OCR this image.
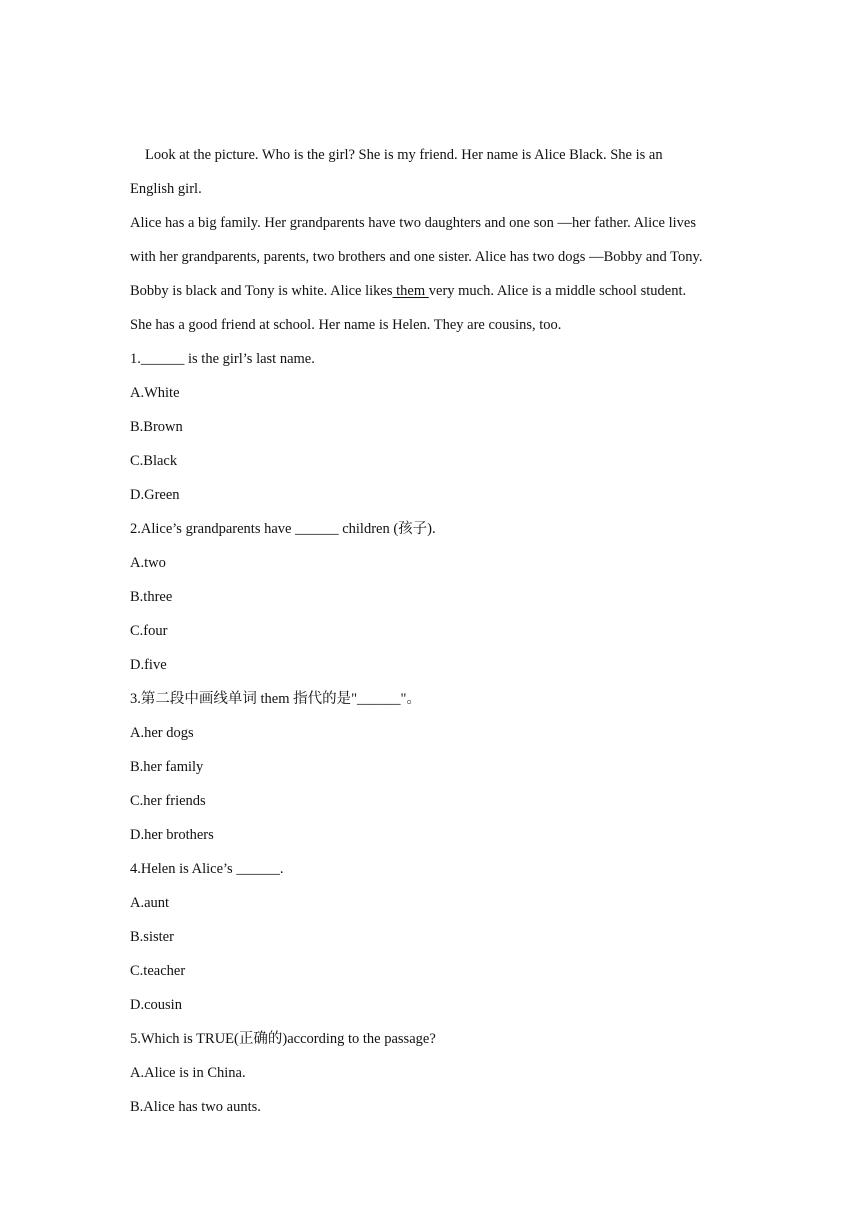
Look at the picture. Who is the girl? She is my friend. Her name is Alice Black. She is an
English girl.
Alice has a big family. Her grandparents have two daughters and one son —her father. Alice lives
with her grandparents, parents, two brothers and one sister. Alice has two dogs —Bobby and Tony.
Bobby is black and Tony is white. Alice likes them very much. Alice is a middle school student.
She has a good friend at school. Her name is Helen. They are cousins, too.
1.______ is the girl’s last name.
A.White
B.Brown
C.Black
D.Green
2.Alice’s grandparents have ______ children (孩子).
A.two
B.three
C.four
D.five
3.第二段中画线单词 them 指代的是"______"。
A.her dogs
B.her family
C.her friends
D.her brothers
4.Helen is Alice’s ______.
A.aunt
B.sister
C.teacher
D.cousin
5.Which is TRUE(正确的)according to the passage?
A.Alice is in China.
B.Alice has two aunts.
